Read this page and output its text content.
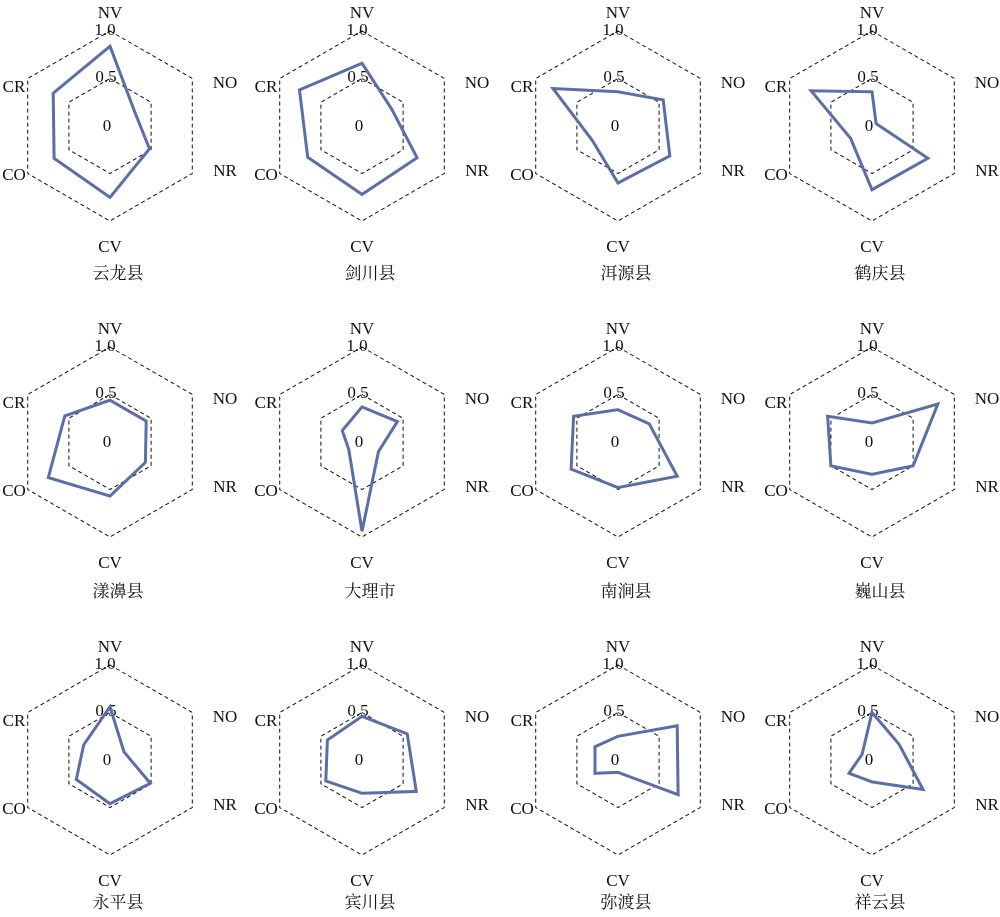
1.0
0.5
0
NV
NO
NR
CV
CO
CR
云龙县
1.0
0.5
0
NV
NO
NR
CV
CO
CR
剑川县
1.0
0.5
0
NV
NO
NR
CV
CO
CR
洱源县
1.0
0.5
0
NV
NO
NR
CV
CO
CR
鹤庆县
1.0
0.5
0
NV
NO
NR
CV
CO
CR
漾濞县
1.0
0.5
0
NV
NO
NR
CV
CO
CR
大理市
1.0
0.5
0
NV
NO
NR
CV
CO
CR
南涧县
1.0
0.5
0
NV
NO
NR
CV
CO
CR
巍山县
1.0
0.5
0
NV
NO
NR
CV
CO
CR
永平县
1.0
0.5
0
NV
NO
NR
CV
CO
CR
宾川县
1.0
0.5
0
NV
NO
NR
CV
CO
CR
弥渡县
1.0
0.5
0
NV
NO
NR
CV
CO
CR
祥云县
